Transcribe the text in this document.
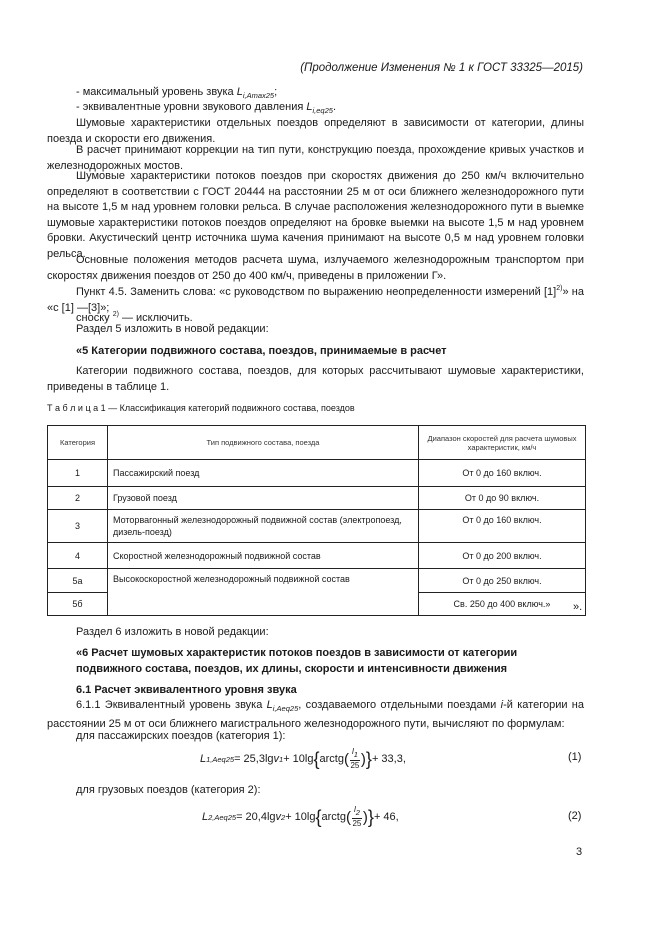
(Продолжение Изменения № 1 к ГОСТ 33325—2015)
- максимальный уровень звука $L_{i,Amax25}$;
- эквивалентные уровни звукового давления $L_{i,eq25}$.
Шумовые характеристики отдельных поездов определяют в зависимости от категории, длины поезда и скорости его движения.
В расчет принимают коррекции на тип пути, конструкцию поезда, прохождение кривых участков и железнодорожных мостов.
Шумовые характеристики потоков поездов при скоростях движения до 250 км/ч включительно определяют в соответствии с ГОСТ 20444 на расстоянии 25 м от оси ближнего железнодорожного пути на высоте 1,5 м над уровнем головки рельса. В случае расположения железнодорожного пути в выемке шумовые характеристики потоков поездов определяют на бровке выемки на высоте 1,5 м над уровнем бровки. Акустический центр источника шума качения принимают на высоте 0,5 м над уровнем головки рельса.
Основные положения методов расчета шума, излучаемого железнодорожным транспортом при скоростях движения поездов от 250 до 400 км/ч, приведены в приложении Г».
Пункт 4.5. Заменить слова: «с руководством по выражению неопределенности измерений $[1]^{2)}$» на «с [1] —[3]»;
сноску $^{2)}$ — исключить.
Раздел 5 изложить в новой редакции:
«5 Категории подвижного состава, поездов, принимаемые в расчет
Категории подвижного состава, поездов, для которых рассчитывают шумовые характеристики, приведены в таблице 1.
Т а б л и ц а 1 — Классификация категорий подвижного состава, поездов
Категория	Тип подвижного состава, поезда	Диапазон скоростей для расчета шумовых характеристик, км/ч
1	Пассажирский поезд	От 0 до 160 включ.
2	Грузовой поезд	От 0 до 90 включ.
3	Моторвагонный железнодорожный подвижной состав (электропоезд, дизель-поезд)	От 0 до 160 включ.
4	Скоростной железнодорожный подвижной состав	От 0 до 200 включ.
5а	Высокоскоростной железнодорожный подвижной состав	От 0 до 250 включ.
5б		Св. 250 до 400 включ.» ».
Раздел 6 изложить в новой редакции:
«6 Расчет шумовых характеристик потоков поездов в зависимости от категории подвижного состава, поездов, их длины, скорости и интенсивности движения
6.1 Расчет эквивалентного уровня звука
6.1.1 Эквивалентный уровень звука $L_{i,Aeq25}$, создаваемого отдельными поездами i-й категории на расстоянии 25 м от оси ближнего магистрального железнодорожного пути, вычисляют по формулам:
для пассажирских поездов (категория 1):
L 1,Aeq25 = 25,3lg v 1 + 10lg { arctg ( $\frac{l_1}{25}$ ) } + 33,3,	(1)
для грузовых поездов (категория 2):
L 2,Aeq25 = 20,4lg v 2 + 10lg { arctg ( $\frac{l_2}{25}$ ) } + 46,	(2)
3
